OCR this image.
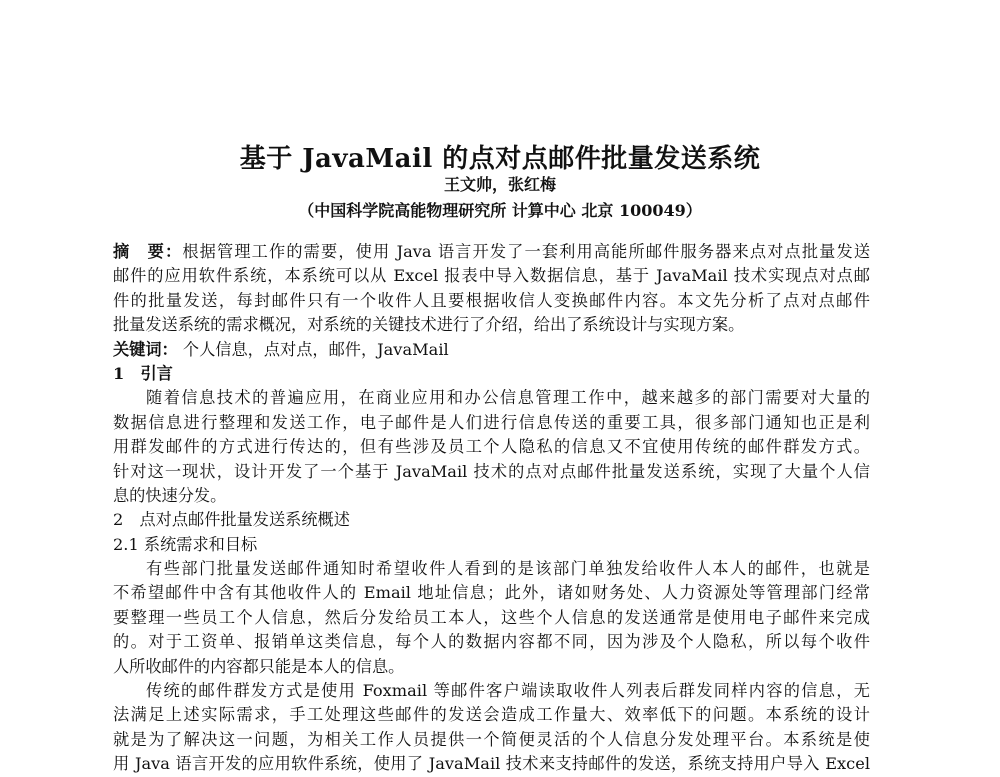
基于 JavaMail 的点对点邮件批量发送系统
王文帅，张红梅
（中国科学院高能物理研究所 计算中心 北京 100049）
摘　要：根据管理工作的需要，使用 Java 语言开发了一套利用高能所邮件服务器来点对点批量发送
邮件的应用软件系统，本系统可以从 Excel 报表中导入数据信息，基于 JavaMail 技术实现点对点邮
件的批量发送，每封邮件只有一个收件人且要根据收信人变换邮件内容。本文先分析了点对点邮件
批量发送系统的需求概况，对系统的关键技术进行了介绍，给出了系统设计与实现方案。
关键词： 个人信息，点对点，邮件，JavaMail
1　引言
随着信息技术的普遍应用，在商业应用和办公信息管理工作中，越来越多的部门需要对大量的
数据信息进行整理和发送工作，电子邮件是人们进行信息传送的重要工具，很多部门通知也正是利
用群发邮件的方式进行传达的，但有些涉及员工个人隐私的信息又不宜使用传统的邮件群发方式。
针对这一现状，设计开发了一个基于 JavaMail 技术的点对点邮件批量发送系统，实现了大量个人信
息的快速分发。
2　点对点邮件批量发送系统概述
2.1 系统需求和目标
有些部门批量发送邮件通知时希望收件人看到的是该部门单独发给收件人本人的邮件，也就是
不希望邮件中含有其他收件人的 Email 地址信息；此外，诸如财务处、人力资源处等管理部门经常
要整理一些员工个人信息，然后分发给员工本人，这些个人信息的发送通常是使用电子邮件来完成
的。对于工资单、报销单这类信息，每个人的数据内容都不同，因为涉及个人隐私，所以每个收件
人所收邮件的内容都只能是本人的信息。
传统的邮件群发方式是使用 Foxmail 等邮件客户端读取收件人列表后群发同样内容的信息，无
法满足上述实际需求，手工处理这些邮件的发送会造成工作量大、效率低下的问题。本系统的设计
就是为了解决这一问题，为相关工作人员提供一个简便灵活的个人信息分发处理平台。本系统是使
用 Java 语言开发的应用软件系统，使用了 JavaMail 技术来支持邮件的发送，系统支持用户导入 Excel
